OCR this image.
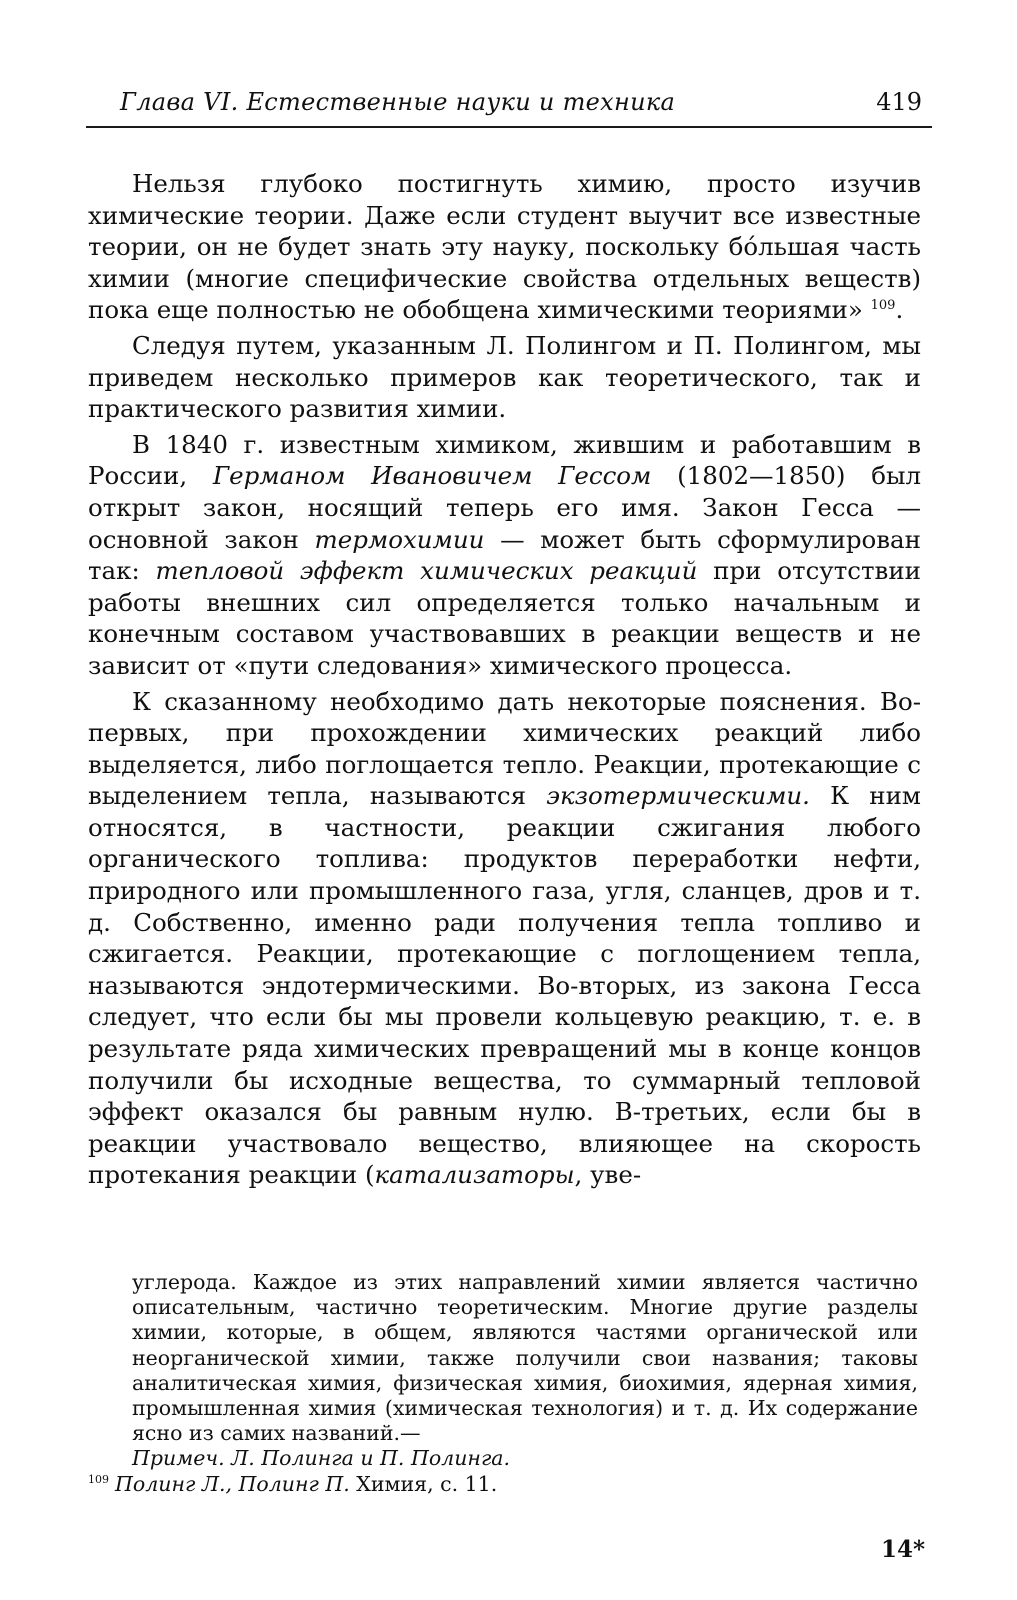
Глава VI. Естественные науки и техника	419

Нельзя глубоко постигнуть химию, просто изучив химические теории. Даже если студент выучит все известные теории, он не будет знать эту науку, поскольку бо́льшая часть химии (многие специфические свойства отдельных веществ) пока еще полностью не обобщена химическими теориями» $^{109}$.

Следуя путем, указанным Л. Полингом и П. Полингом, мы приведем несколько примеров как теоретического, так и практического развития химии.

В 1840 г. известным химиком, жившим и работавшим в России, Германом Ивановичем Гессом (1802—1850) был открыт закон, носящий теперь его имя. Закон Гесса —основной закон термохимии — может быть сформулирован так: тепловой эффект химических реакций при отсутствии работы внешних сил определяется только начальным и конечным составом участвовавших в реакции веществ и не зависит от «пути следования» химического процесса.

К сказанному необходимо дать некоторые пояснения. Во-первых, при прохождении химических реакций либо выделяется, либо поглощается тепло. Реакции, протекающие с выделением тепла, называются экзотермическими. К ним относятся, в частности, реакции сжигания любого органического топлива: продуктов переработки нефти, природного или промышленного газа, угля, сланцев, дров и т. д. Собственно, именно ради получения тепла топливо и сжигается. Реакции, протекающие с поглощением тепла, называются эндотермическими. Во-вторых, из закона Гесса следует, что если бы мы провели кольцевую реакцию, т. е. в результате ряда химических превращений мы в конце концов получили бы исходные вещества, то суммарный тепловой эффект оказался бы равным нулю. В-третьих, если бы в реакции участвовало вещество, влияющее на скорость протекания реакции (катализаторы, уве-

углерода. Каждое из этих направлений химии является частично описательным, частично теоретическим. Многие другие разделы химии, которые, в общем, являются частями органической или неорганической химии, также получили свои названия; таковы аналитическая химия, физическая химия, биохимия, ядерная химия, промышленная химия (химическая технология) и т. д. Их содержание ясно из самих названий.—
Примеч. Л. Полинга и П. Полинга.

$^{109}$ Полинг Л., Полинг П. Химия, с. 11.

14*
